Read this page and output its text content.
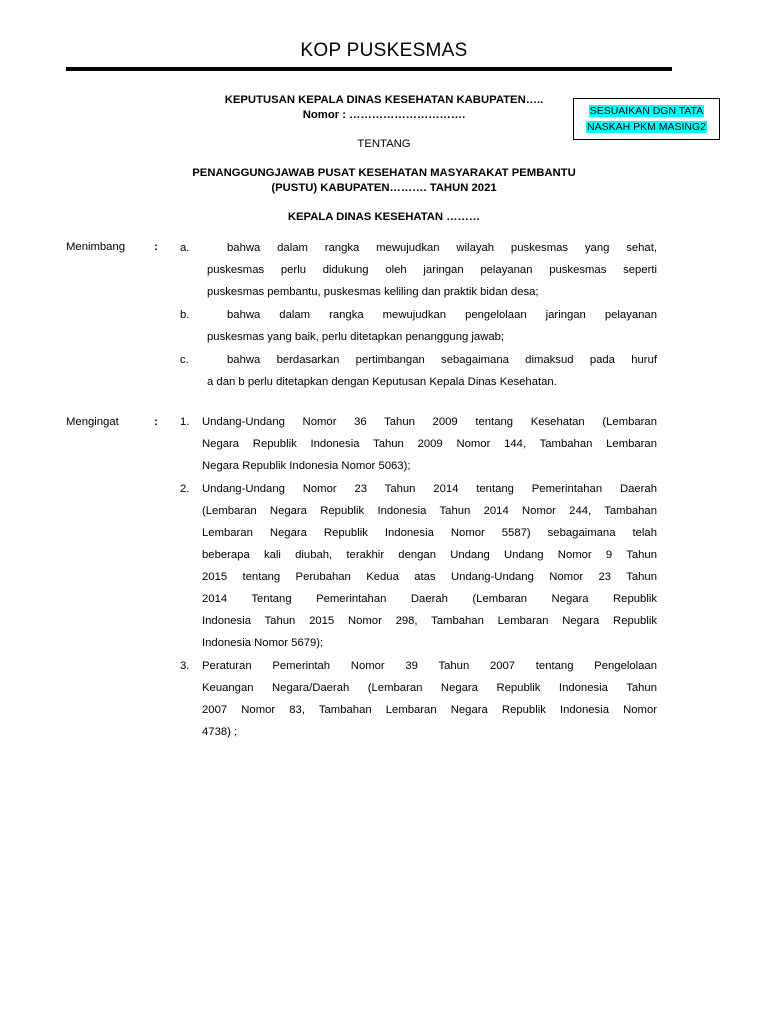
KOP PUSKESMAS
KEPUTUSAN KEPALA DINAS KESEHATAN KABUPATEN…..
Nomor : ………………………….	SESUAIKAN DGN TATA
NASKAH PKM MASING2
TENTANG
PENANGGUNGJAWAB PUSAT KESEHATAN MASYARAKAT PEMBANTU
(PUSTU) KABUPATEN………. TAHUN 2021
KEPALA DINAS KESEHATAN ………
Menimbang	: a.	bahwa dalam rangka mewujudkan wilayah puskesmas yang sehat,
puskesmas perlu didukung oleh jaringan pelayanan puskesmas seperti
puskesmas pembantu, puskesmas keliling dan praktik bidan desa;
b.	bahwa dalam rangka mewujudkan pengelolaan jaringan pelayanan
puskesmas yang baik, perlu ditetapkan penanggung jawab;
c.	bahwa berdasarkan pertimbangan sebagaimana dimaksud pada huruf
a dan b perlu ditetapkan dengan Keputusan Kepala Dinas Kesehatan.
Mengingat	: 1. Undang-Undang Nomor 36 Tahun 2009 tentang Kesehatan (Lembaran
Negara Republik Indonesia Tahun 2009 Nomor 144, Tambahan Lembaran
Negara Republik Indonesia Nomor 5063);
2. Undang-Undang Nomor 23 Tahun 2014 tentang Pemerintahan Daerah
(Lembaran Negara Republik Indonesia Tahun 2014 Nomor 244, Tambahan
Lembaran Negara Republik Indonesia Nomor 5587) sebagaimana telah
beberapa kali diubah, terakhir dengan Undang Undang Nomor 9 Tahun
2015 tentang Perubahan Kedua atas Undang-Undang Nomor 23 Tahun
2014 Tentang Pemerintahan Daerah (Lembaran Negara Republik
Indonesia Tahun 2015 Nomor 298, Tambahan Lembaran Negara Republik
Indonesia Nomor 5679);
3. Peraturan Pemerintah Nomor 39 Tahun 2007 tentang Pengelolaan
Keuangan Negara/Daerah (Lembaran Negara Republik Indonesia Tahun
2007 Nomor 83, Tambahan Lembaran Negara Republik Indonesia Nomor
4738) ;
